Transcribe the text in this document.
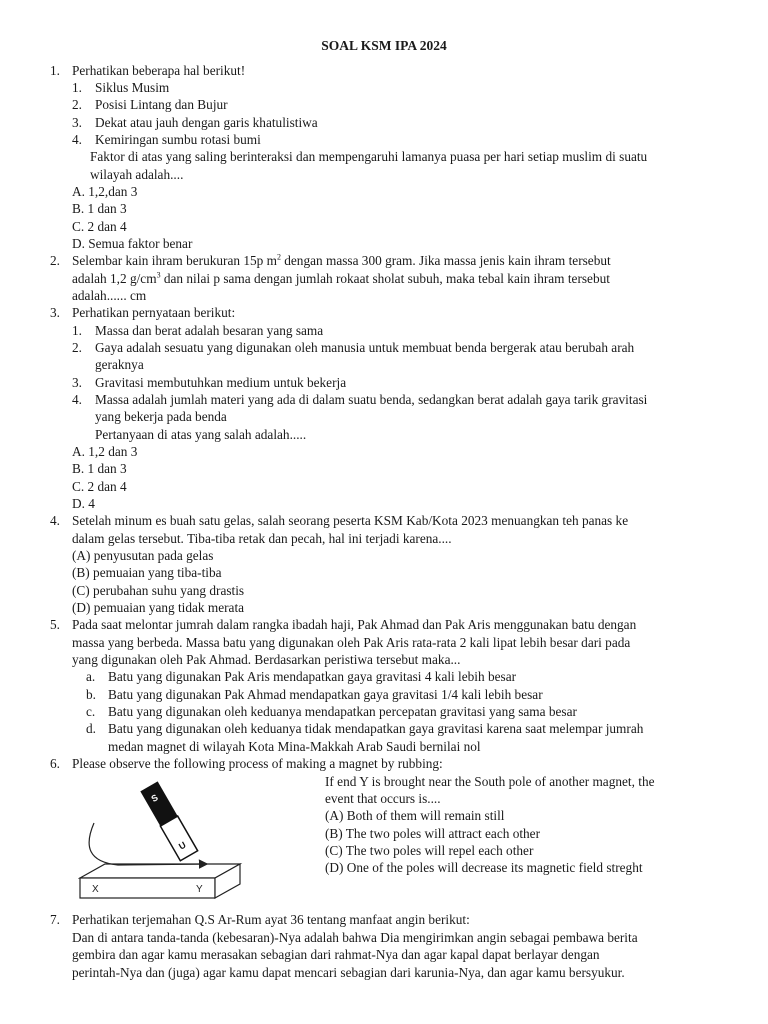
SOAL KSM IPA 2024
1. Perhatikan beberapa hal berikut!
1. Siklus Musim
2. Posisi Lintang dan Bujur
3. Dekat atau jauh dengan garis khatulistiwa
4. Kemiringan sumbu rotasi bumi
Faktor di atas yang saling berinteraksi dan mempengaruhi lamanya puasa per hari setiap muslim di suatu
wilayah adalah....
A. 1,2,dan 3
B. 1 dan 3
C. 2 dan 4
D. Semua faktor benar
2. Selembar kain ihram berukuran 15p $m^2$ dengan massa 300 gram. Jika massa jenis kain ihram tersebut
adalah 1,2 $g/cm^3$ dan nilai p sama dengan jumlah rokaat sholat subuh, maka tebal kain ihram tersebut
adalah...... cm
3. Perhatikan pernyataan berikut:
1. Massa dan berat adalah besaran yang sama
2. Gaya adalah sesuatu yang digunakan oleh manusia untuk membuat benda bergerak atau berubah arah
geraknya
3. Gravitasi membutuhkan medium untuk bekerja
4. Massa adalah jumlah materi yang ada di dalam suatu benda, sedangkan berat adalah gaya tarik gravitasi
yang bekerja pada benda
Pertanyaan di atas yang salah adalah.....
A. 1,2 dan 3
B. 1 dan 3
C. 2 dan 4
D. 4
4. Setelah minum es buah satu gelas, salah seorang peserta KSM Kab/Kota 2023 menuangkan teh panas ke
dalam gelas tersebut. Tiba-tiba retak dan pecah, hal ini terjadi karena....
(A) penyusutan pada gelas
(B) pemuaian yang tiba-tiba
(C) perubahan suhu yang drastis
(D) pemuaian yang tidak merata
5. Pada saat melontar jumrah dalam rangka ibadah haji, Pak Ahmad dan Pak Aris menggunakan batu dengan
massa yang berbeda. Massa batu yang digunakan oleh Pak Aris rata-rata 2 kali lipat lebih besar dari pada
yang digunakan oleh Pak Ahmad. Berdasarkan peristiwa tersebut maka...
a. Batu yang digunakan Pak Aris mendapatkan gaya gravitasi 4 kali lebih besar
b. Batu yang digunakan Pak Ahmad mendapatkan gaya gravitasi 1/4 kali lebih besar
c. Batu yang digunakan oleh keduanya mendapatkan percepatan gravitasi yang sama besar
d. Batu yang digunakan oleh keduanya tidak mendapatkan gaya gravitasi karena saat melempar jumrah
medan magnet di wilayah Kota Mina-Makkah Arab Saudi bernilai nol
6. Please observe the following process of making a magnet by rubbing:
If end Y is brought near the South pole of another magnet, the
event that occurs is....
(A) Both of them will remain still
(B) The two poles will attract each other
(C) The two poles will repel each other
(D) One of the poles will decrease its magnetic field streght
X	Y
S
U
7. Perhatikan terjemahan Q.S Ar-Rum ayat 36 tentang manfaat angin berikut:
Dan di antara tanda-tanda (kebesaran)-Nya adalah bahwa Dia mengirimkan angin sebagai pembawa berita
gembira dan agar kamu merasakan sebagian dari rahmat-Nya dan agar kapal dapat berlayar dengan
perintah-Nya dan (juga) agar kamu dapat mencari sebagian dari karunia-Nya, dan agar kamu bersyukur.
